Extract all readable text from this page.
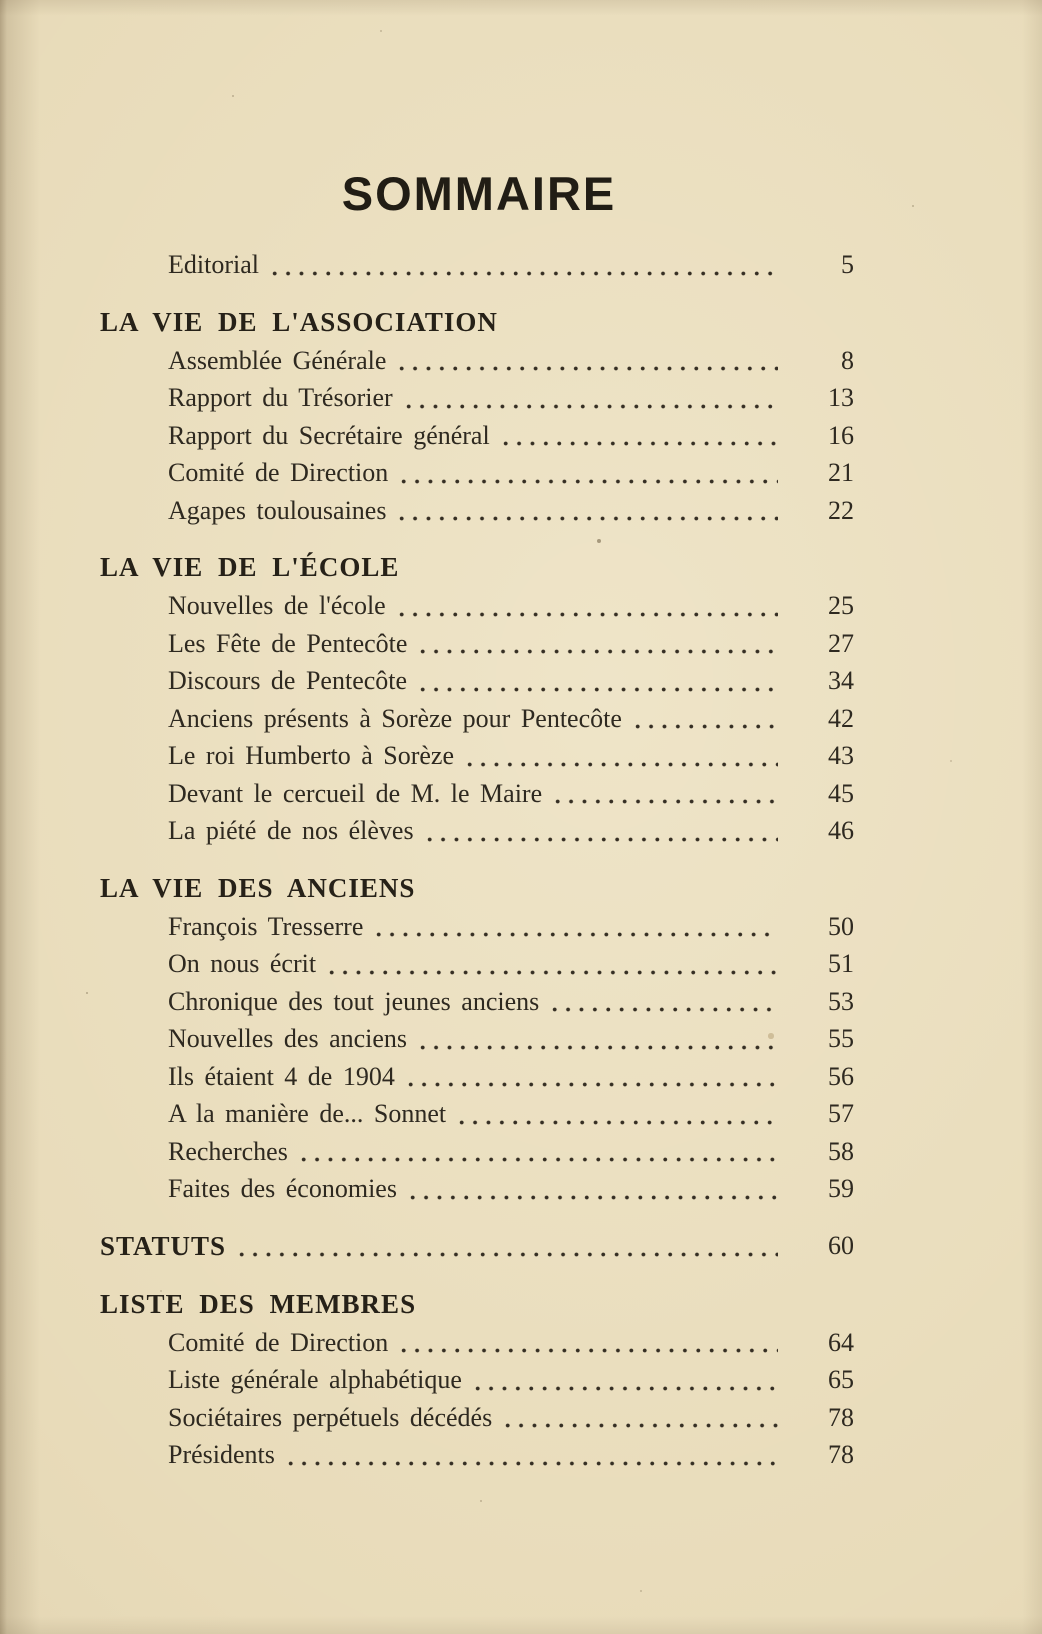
SOMMAIRE
Editorial	5
LA VIE DE L'ASSOCIATION
Assemblée Générale	8
Rapport du Trésorier	13
Rapport du Secrétaire général	16
Comité de Direction	21
Agapes toulousaines	22
LA VIE DE L'ÉCOLE
Nouvelles de l'école	25
Les Fête de Pentecôte	27
Discours de Pentecôte	34
Anciens présents à Sorèze pour Pentecôte	42
Le roi Humberto à Sorèze	43
Devant le cercueil de M. le Maire	45
La piété de nos élèves	46
LA VIE DES ANCIENS
François Tresserre	50
On nous écrit	51
Chronique des tout jeunes anciens	53
Nouvelles des anciens	55
Ils étaient 4 de 1904	56
A la manière de... Sonnet	57
Recherches	58
Faites des économies	59
STATUTS	60
LISTE DES MEMBRES
Comité de Direction	64
Liste générale alphabétique	65
Sociétaires perpétuels décédés	78
Présidents	78
